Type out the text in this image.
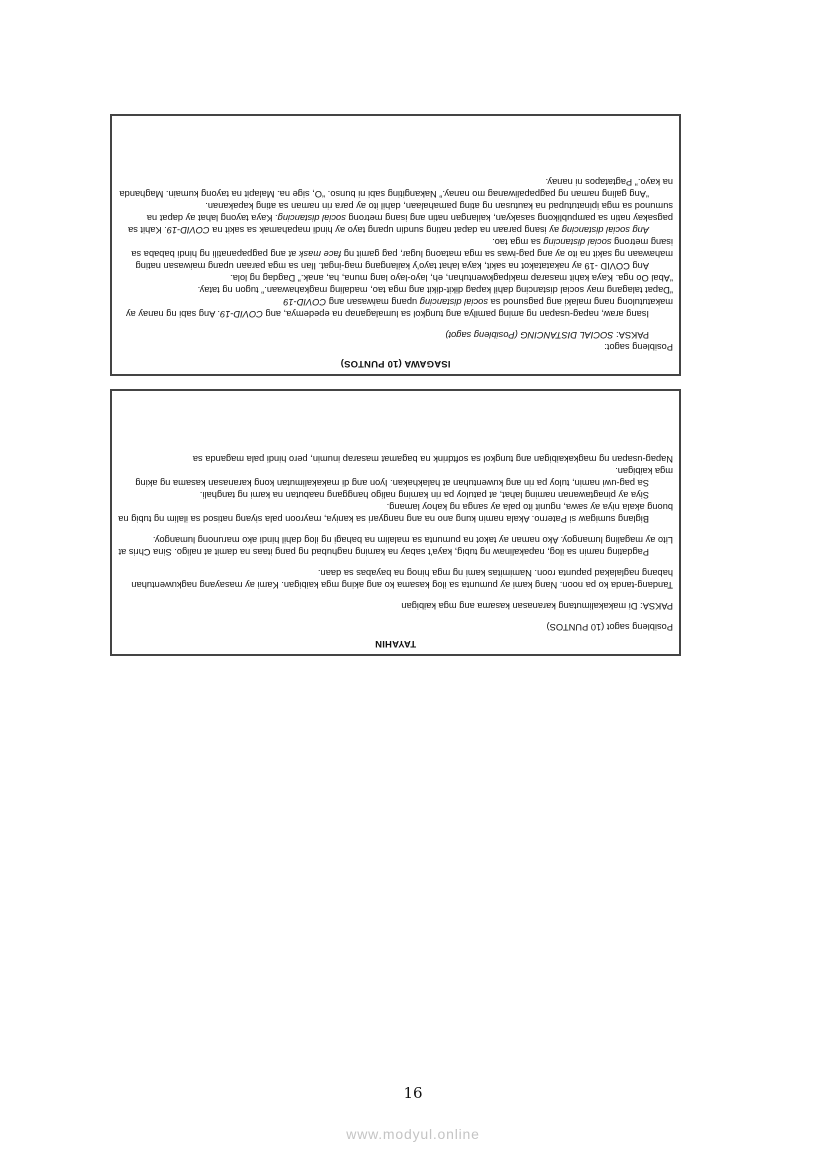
ISAGAWA (10 PUNTOS)

Posibleng sagot:

PAKSA: SOCIAL DISTANCING (Posibleng sagot)

Isang araw, napag-usapan ng aming pamilya ang tungkol sa lumalaganap na epedemya, ang COVID-19. Ang sabi ng nanay ay makatutulong nang malaki ang pagsunod sa social distancing upang maiwasan ang COVID-19

“Dapat talagang may social distancing dahil kapag dikit-dikit ang mga tao, madaling magkahawaan.” tugon ng tatay.

“Abal Oo nga. Kaya kahit masarap makipagkwentuhan, eh, layo-layo lang muna, ha, anak.” Dagdag ng lola.

Ang COVID -19 ay nakatatakot na sakit, kaya lahat tayo'y kailangang mag-ingat. Ilan sa mga paraan upang maiwasan nating mahawaan ng sakit na ito ay ang pag-iwas sa mga mataong lugar, pag gamit ng face mask at ang pagpapanatili ng hindi bababa sa isang metrong social distancing sa mga tao.

Ang social distancing ay isang paraan na dapat nating sundin upang tayo ay hindi mapahamak sa sakit na COVID-19. Kahit sa pagsakay natin sa pampublikong sasakyan, kailangan natin ang isang metrong social distancing. Kaya tayong lahat ay dapat na sumunod sa mga ipinatutupad na kautusan ng ating pamahalaan, dahil ito ay para rin naman sa ating kapakanan.

“Ang galing naman ng pagpapaliwanag mo nanay.” Nakangiting sabi ni bunso. “O, sige na. Malapit na tayong kumain. Maghanda na kayo.” Pagtatapos ni nanay.

TAYAHIN

Posibleng sagot (10 PUNTOS)

PAKSA: Di makakalimutang karanasan kasama ang mga kaibigan

Tandang-tanda ko pa noon. Nang kami ay pumunta sa ilog kasama ko ang aking mga kaibigan. Kami ay masayang nagkuwentuhan habang naglalakad papunta roon. Namimitas kami ng mga hinog na bayabas sa daan.

Pagdating namin sa ilog, napakalinaw ng tubig, kaya't sabay na kaming naghubad ng pang itaas na damit at naligo. Sina Chris at Lito ay magaling lumangoy. Ako naman ay takot na pumunta sa malalim na bahagi ng ilog dahil hindi ako marunong lumangoy.

Biglang sumigaw si Paterno. Akala namin kung ano na ang nangyari sa kaniya, mayroon pala siyang natisod sa ilalim ng tubig na buong akala niya ay sawa, ngunit ito pala ay sanga ng kahoy lamang.

Siya ay pinagtawanan naming lahat, at patuloy pa rin kaming naligo hanggang naabutan na kami ng tanghali.

Sa pag-uwi namin, tuloy pa rin ang kuwentuhan at halakhakan. Iyon ang di makakalimutan kong karanasan kasama ng aking mga kaibigan.

Napag-usapan ng magkakaibigan ang tungkol sa softdrink na bagamat masarap inumin, pero hindi pala maganda sa

16
www.modyul.online
